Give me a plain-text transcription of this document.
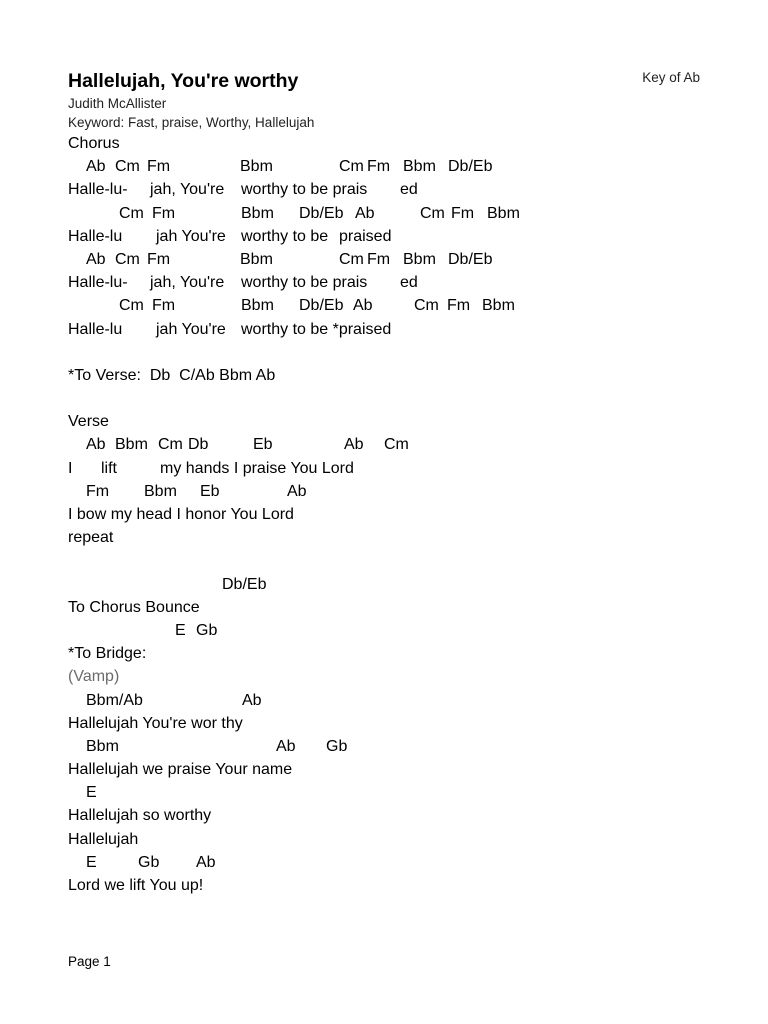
Hallelujah, You're worthy	Key of Ab
Judith McAllister
Keyword: Fast, praise, Worthy, Hallelujah
Chorus
Ab Cm Fm	Bbm	Cm Fm Bbm Db/Eb
Halle-lu- jah, You're worthy to be prais ed
Cm Fm	Bbm Db/Eb Ab	Cm Fm Bbm
Halle-lu jah You're worthy to be praised
Ab Cm Fm	Bbm	Cm Fm Bbm Db/Eb
Halle-lu- jah, You're worthy to be prais ed
Cm Fm	Bbm Db/Eb Ab	Cm Fm Bbm
Halle-lu jah You're worthy to be *praised
*To Verse:  Db  C/Ab Bbm Ab
Verse
Ab Bbm Cm Db	Eb	Ab Cm
I lift	my hands I praise You Lord
Fm Bbm Eb	Ab
I bow my head I honor You Lord
repeat
Db/Eb
To Chorus Bounce
E Gb
*To Bridge:
(Vamp)
Bbm/Ab	Ab
Hallelujah You're wor thy
Bbm	Ab Gb
Hallelujah we praise Your name
E
Hallelujah so worthy
Hallelujah
E	Gb Ab
Lord we lift You up!
Page 1
